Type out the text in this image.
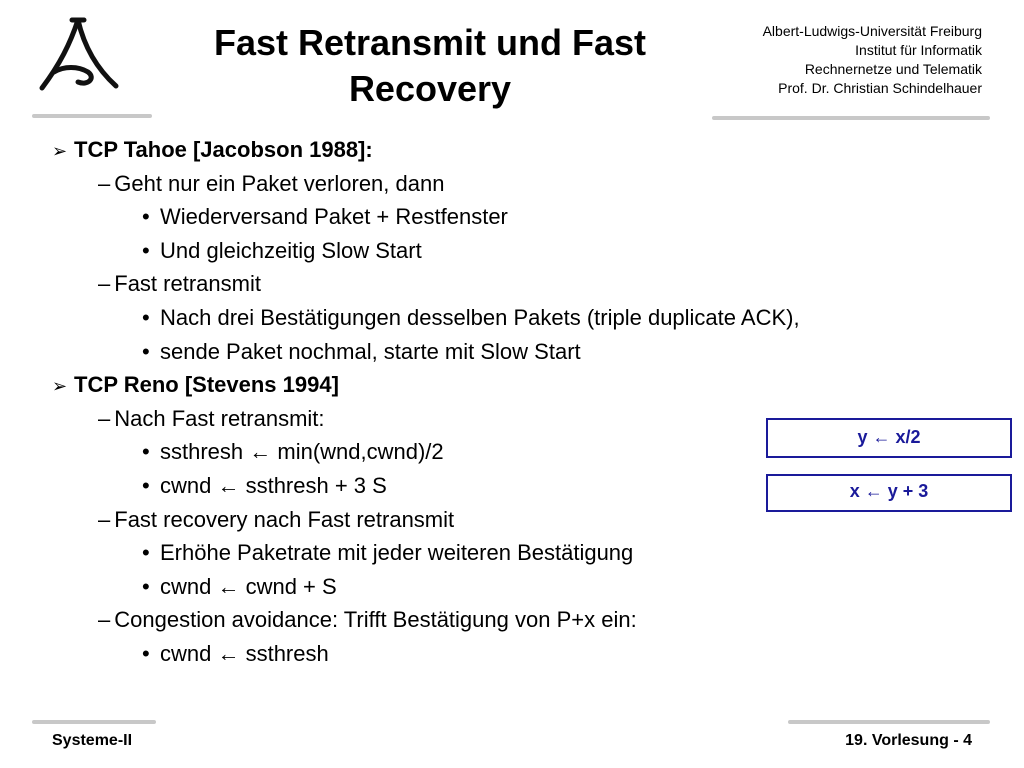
Fast Retransmit und Fast
Recovery
Albert-Ludwigs-Universität Freiburg
Institut für Informatik
Rechnernetze und Telematik
Prof. Dr. Christian Schindelhauer
➢ TCP Tahoe [Jacobson 1988]:
– Geht nur ein Paket verloren, dann
• Wiederversand Paket + Restfenster
• Und gleichzeitig Slow Start
– Fast retransmit
• Nach drei Bestätigungen desselben Pakets (triple duplicate ACK),
• sende Paket nochmal, starte mit Slow Start
➢ TCP Reno [Stevens 1994]
– Nach Fast retransmit:
• ssthresh ← min(wnd,cwnd)/2
• cwnd ← ssthresh + 3 S
– Fast recovery nach Fast retransmit
• Erhöhe Paketrate mit jeder weiteren Bestätigung
• cwnd ← cwnd + S
– Congestion avoidance: Trifft Bestätigung von P+x ein:
• cwnd ← ssthresh
y ← x/2
x ← y + 3
Systeme-II	19. Vorlesung - 4
